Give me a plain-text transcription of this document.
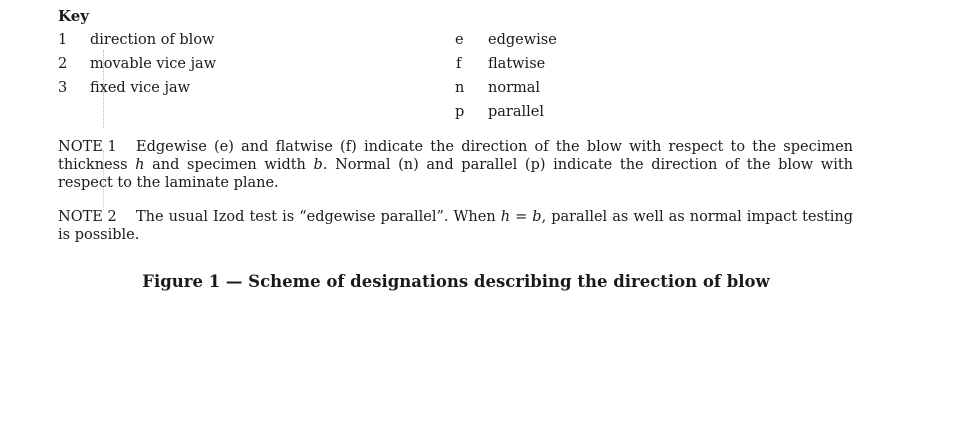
Key
1	direction of blow
2	movable vice jaw
3	fixed vice jaw
e	edgewise
f	flatwise
n	normal
p	parallel
NOTE 1 Edgewise (e) and flatwise (f) indicate the direction of the blow with respect to the specimen thickness h and specimen width b. Normal (n) and parallel (p) indicate the direction of the blow with respect to the laminate plane.
NOTE 2 The usual Izod test is “edgewise parallel”. When h = b, parallel as well as normal impact testing is possible.
Figure 1 — Scheme of designations describing the direction of blow
